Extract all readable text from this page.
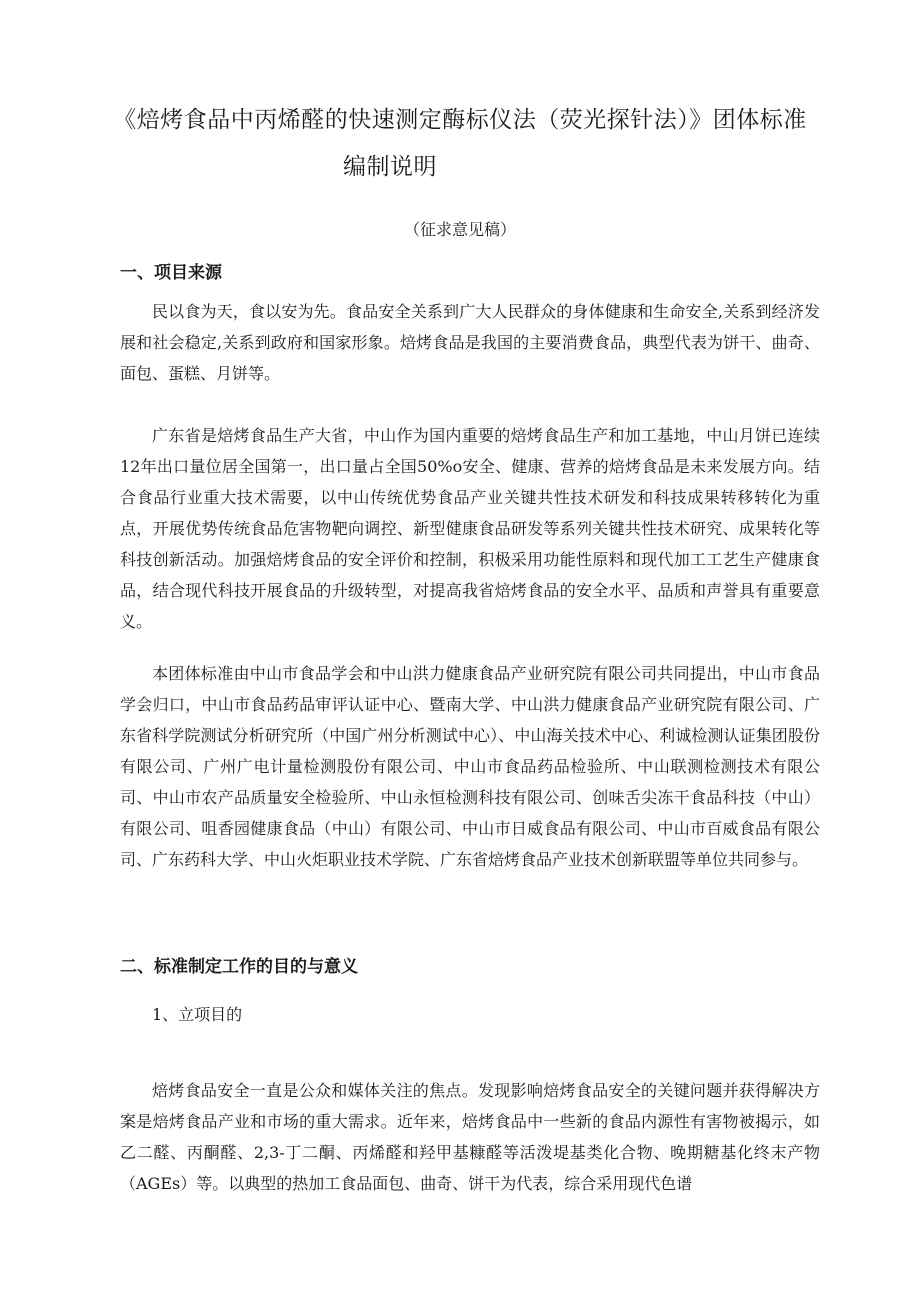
《焙烤食品中丙烯醛的快速测定酶标仪法（荧光探针法）》团体标准
编制说明
（征求意见稿）
一、项目来源

民以食为天，食以安为先。食品安全关系到广大人民群众的身体健康和生命安全,关系到经济发展和社会稳定,关系到政府和国家形象。焙烤食品是我国的主要消费食品，典型代表为饼干、曲奇、面包、蛋糕、月饼等。

广东省是焙烤食品生产大省，中山作为国内重要的焙烤食品生产和加工基地，中山月饼已连续12年出口量位居全国第一，出口量占全国50%o安全、健康、营养的焙烤食品是未来发展方向。结合食品行业重大技术需要，以中山传统优势食品产业关键共性技术研发和科技成果转移转化为重点，开展优势传统食品危害物靶向调控、新型健康食品研发等系列关键共性技术研究、成果转化等科技创新活动。加强焙烤食品的安全评价和控制，积极采用功能性原料和现代加工工艺生产健康食品，结合现代科技开展食品的升级转型，对提高我省焙烤食品的安全水平、品质和声誉具有重要意义。

本团体标准由中山市食品学会和中山洪力健康食品产业研究院有限公司共同提出，中山市食品学会归口，中山市食品药品审评认证中心、暨南大学、中山洪力健康食品产业研究院有限公司、广东省科学院测试分析研究所（中国广州分析测试中心）、中山海关技术中心、利诚检测认证集团股份有限公司、广州广电计量检测股份有限公司、中山市食品药品检验所、中山联测检测技术有限公司、中山市农产品质量安全检验所、中山永恒检测科技有限公司、创味舌尖冻干食品科技（中山）有限公司、咀香园健康食品（中山）有限公司、中山市日威食品有限公司、中山市百威食品有限公司、广东药科大学、中山火炬职业技术学院、广东省焙烤食品产业技术创新联盟等单位共同参与。

二、标准制定工作的目的与意义
1、立项目的

焙烤食品安全一直是公众和媒体关注的焦点。发现影响焙烤食品安全的关键问题并获得解决方案是焙烤食品产业和市场的重大需求。近年来，焙烤食品中一些新的食品内源性有害物被揭示，如乙二醛、丙酮醛、2,3-丁二酮、丙烯醛和羟甲基糠醛等活泼堤基类化合物、晚期糖基化终末产物（AGEs）等。以典型的热加工食品面包、曲奇、饼干为代表，综合采用现代色谱
